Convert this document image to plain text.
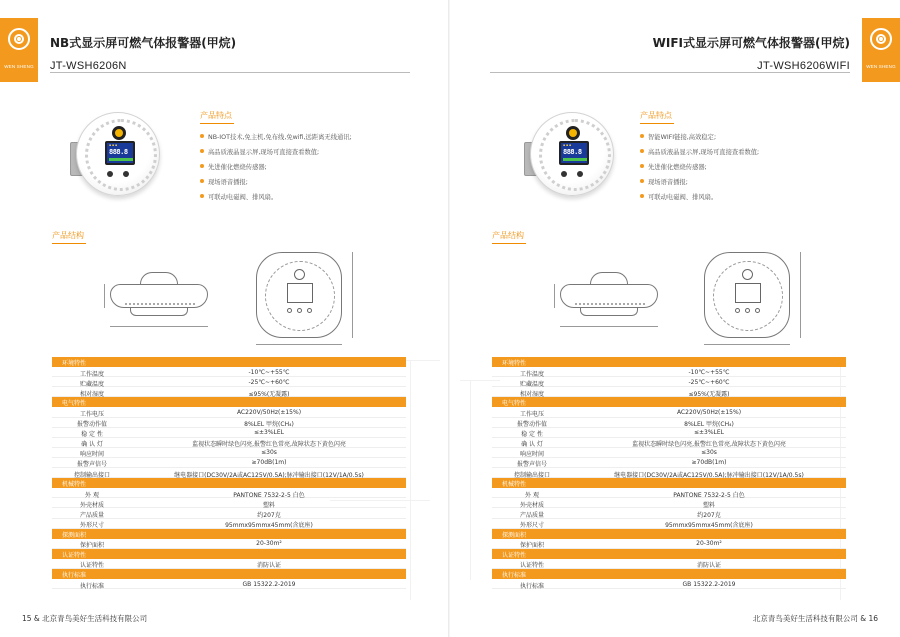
WEN SHENG
NB式显示屏可燃气体报警器(甲烷)
JT-WSH6206N
▪ ▪ ▪
888.8
产品特点
NB-IOT技术,免主机,免布线,免wifi,远距离无线通讯;
高品质液晶显示屏,现场可直接查看数值;
先进催化燃烧传感器;
现场语音播报;
可联动电磁阀、排风扇。
产品结构
环境特性
工作温度	-10℃~+55℃
贮藏温度	-25℃~+60℃
相对湿度	≤95%(无凝露)
电气特性
工作电压	AC220V/50Hz(±15%)
报警动作值	8%LEL 甲烷(CH₄)
稳 定 性	≤±3%LEL
确 认 灯	监视状态瞬时绿色闪亮,报警红色常亮,故障状态下黄色闪亮
响应时间	≤30s
报警声信号	≥70dB(1m)
控制输出接口	继电器接口(DC30V/2A或AC125V/0.5A);脉冲输出接口(12V/1A/0.5s)
机械特性
外 观	PANTONE 7532-2-5 白色
外壳材质	塑料
产品质量	约207克
外形尺寸	95mmx95mmx45mm(含底座)
探测面积
保护面积	20-30m²
认证特性
认证特性	消防认证
执行标准
执行标准	GB 15322.2-2019
15 & 北京青鸟美好生活科技有限公司
WEN SHENG
WIFI式显示屏可燃气体报警器(甲烷)
JT-WSH6206WIFI
▪ ▪ ▪
888.8
产品特点
智能WIFI链接,高效稳定;
高品质液晶显示屏,现场可直接查看数值;
先进催化燃烧传感器;
现场语音播报;
可联动电磁阀、排风扇。
产品结构
环境特性
工作温度	-10℃~+55℃
贮藏温度	-25℃~+60℃
相对湿度	≤95%(无凝露)
电气特性
工作电压	AC220V/50Hz(±15%)
报警动作值	8%LEL 甲烷(CH₄)
稳 定 性	≤±3%LEL
确 认 灯	监视状态瞬时绿色闪亮,报警红色常亮,故障状态下黄色闪亮
响应时间	≤30s
报警声信号	≥70dB(1m)
控制输出接口	继电器接口(DC30V/2A或AC125V/0.5A);脉冲输出接口(12V/1A/0.5s)
机械特性
外 观	PANTONE 7532-2-5 白色
外壳材质	塑料
产品质量	约207克
外形尺寸	95mmx95mmx45mm(含底座)
探测面积
保护面积	20-30m²
认证特性
认证特性	消防认证
执行标准
执行标准	GB 15322.2-2019
北京青鸟美好生活科技有限公司 & 16
